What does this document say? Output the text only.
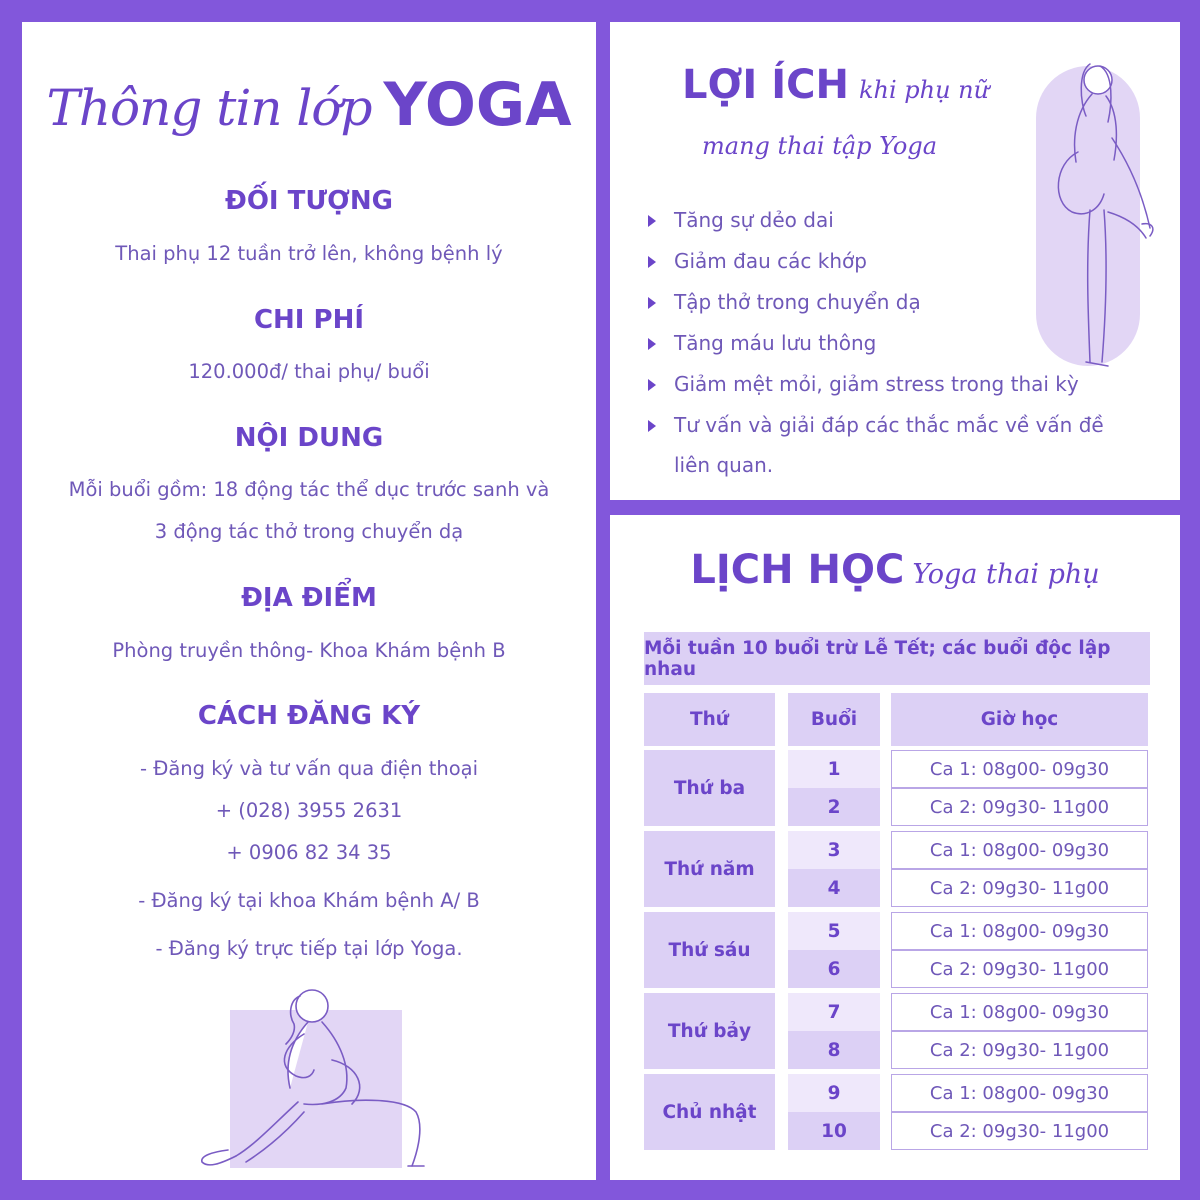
Thông tin lớp YOGA
ĐỐI TƯỢNG
Thai phụ 12 tuần trở lên, không bệnh lý
CHI PHÍ
120.000đ/ thai phụ/ buổi
NỘI DUNG
Mỗi buổi gồm: 18 động tác thể dục trước sanh và
3 động tác thở trong chuyển dạ
ĐỊA ĐIỂM
Phòng truyền thông- Khoa Khám bệnh B
CÁCH ĐĂNG KÝ
- Đăng ký và tư vấn qua điện thoại
+ (028) 3955 2631
+ 0906 82 34 35
- Đăng ký tại khoa Khám bệnh A/ B
- Đăng ký trực tiếp tại lớp Yoga.
LỢI ÍCH khi phụ nữ
mang thai tập Yoga
Tăng sự dẻo dai
Giảm đau các khớp
Tập thở trong chuyển dạ
Tăng máu lưu thông
Giảm mệt mỏi, giảm stress trong thai kỳ
Tư vấn và giải đáp các thắc mắc về vấn đề liên quan.
LỊCH HỌC Yoga thai phụ
Mỗi tuần 10 buổi trừ Lễ Tết; các buổi độc lập nhau
Thứ	Buổi	Giờ học
Thứ ba
1	Ca 1: 08g00- 09g30
2	Ca 2: 09g30- 11g00
Thứ năm
3	Ca 1: 08g00- 09g30
4	Ca 2: 09g30- 11g00
Thứ sáu
5	Ca 1: 08g00- 09g30
6	Ca 2: 09g30- 11g00
Thứ bảy
7	Ca 1: 08g00- 09g30
8	Ca 2: 09g30- 11g00
Chủ nhật
9	Ca 1: 08g00- 09g30
10	Ca 2: 09g30- 11g00
